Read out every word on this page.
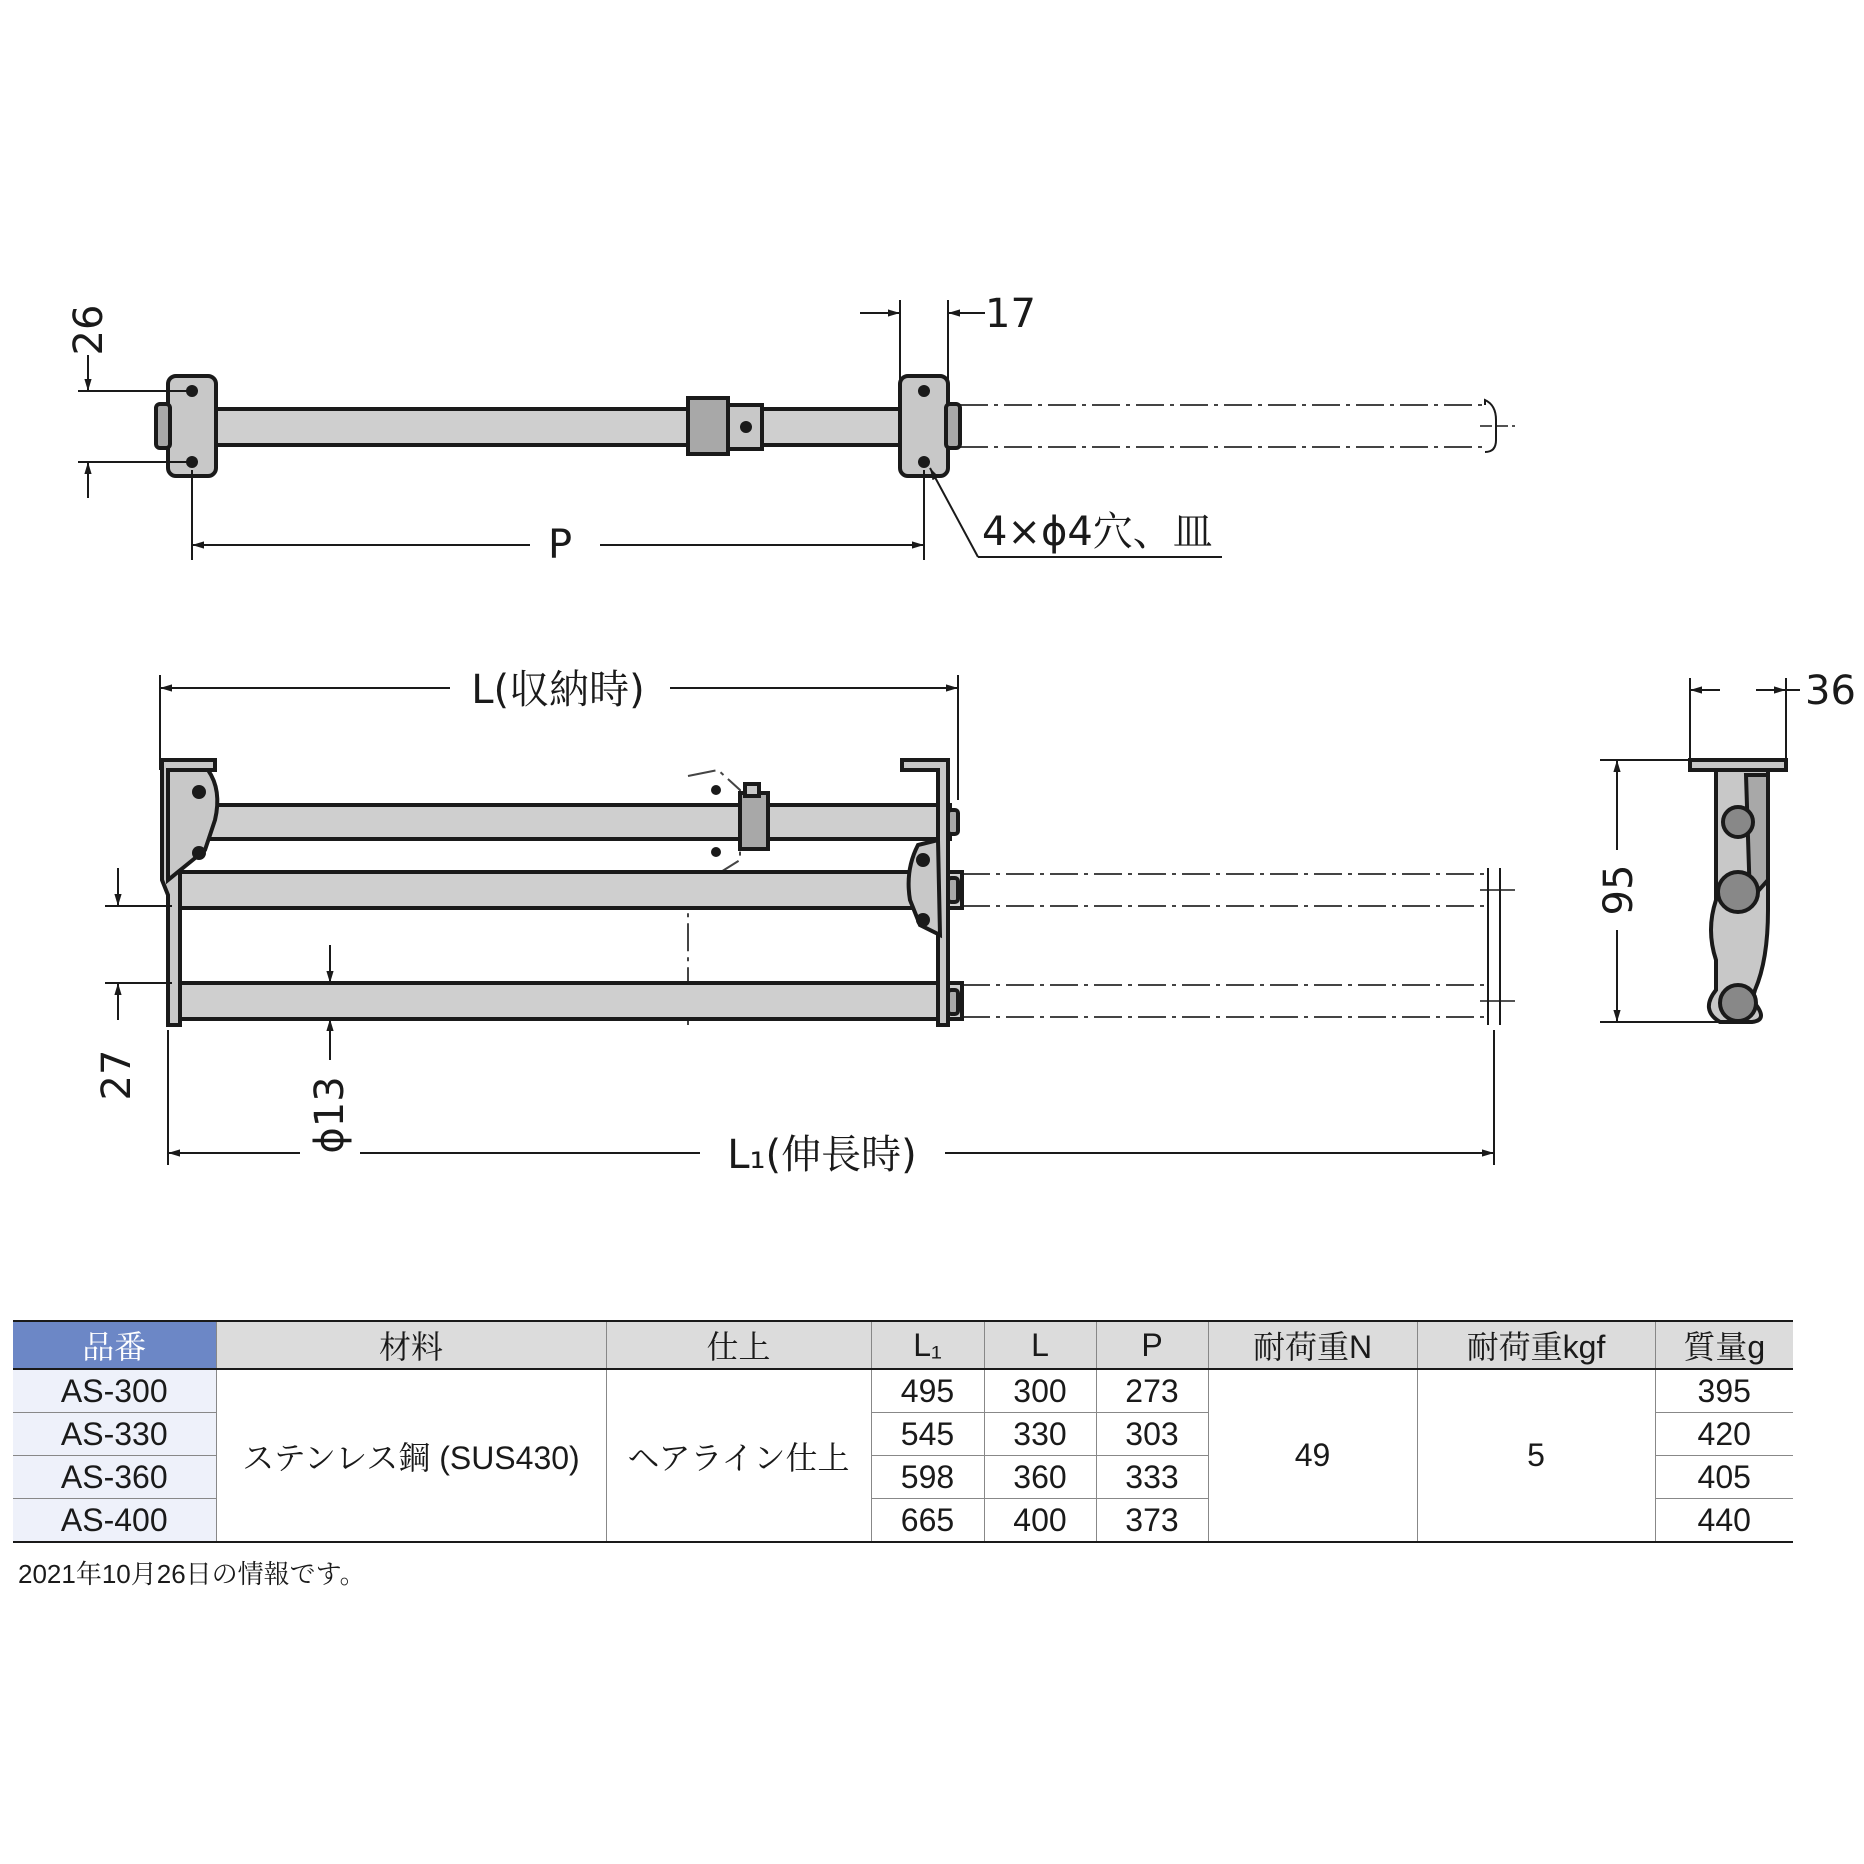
26	17
P	4×ϕ4穴、皿
L(収納時)
27
ϕ13
L₁(伸長時)
36
95
品番	材料	仕上	L₁	L	P	耐荷重N	耐荷重kgf	質量g
AS-300	ステンレス鋼 (SUS430)	ヘアライン仕上	495	300	273	49	5	395
AS-330			545	330	303			420
AS-360			598	360	333			405
AS-400			665	400	373			440

2021年10月26日の情報です。
